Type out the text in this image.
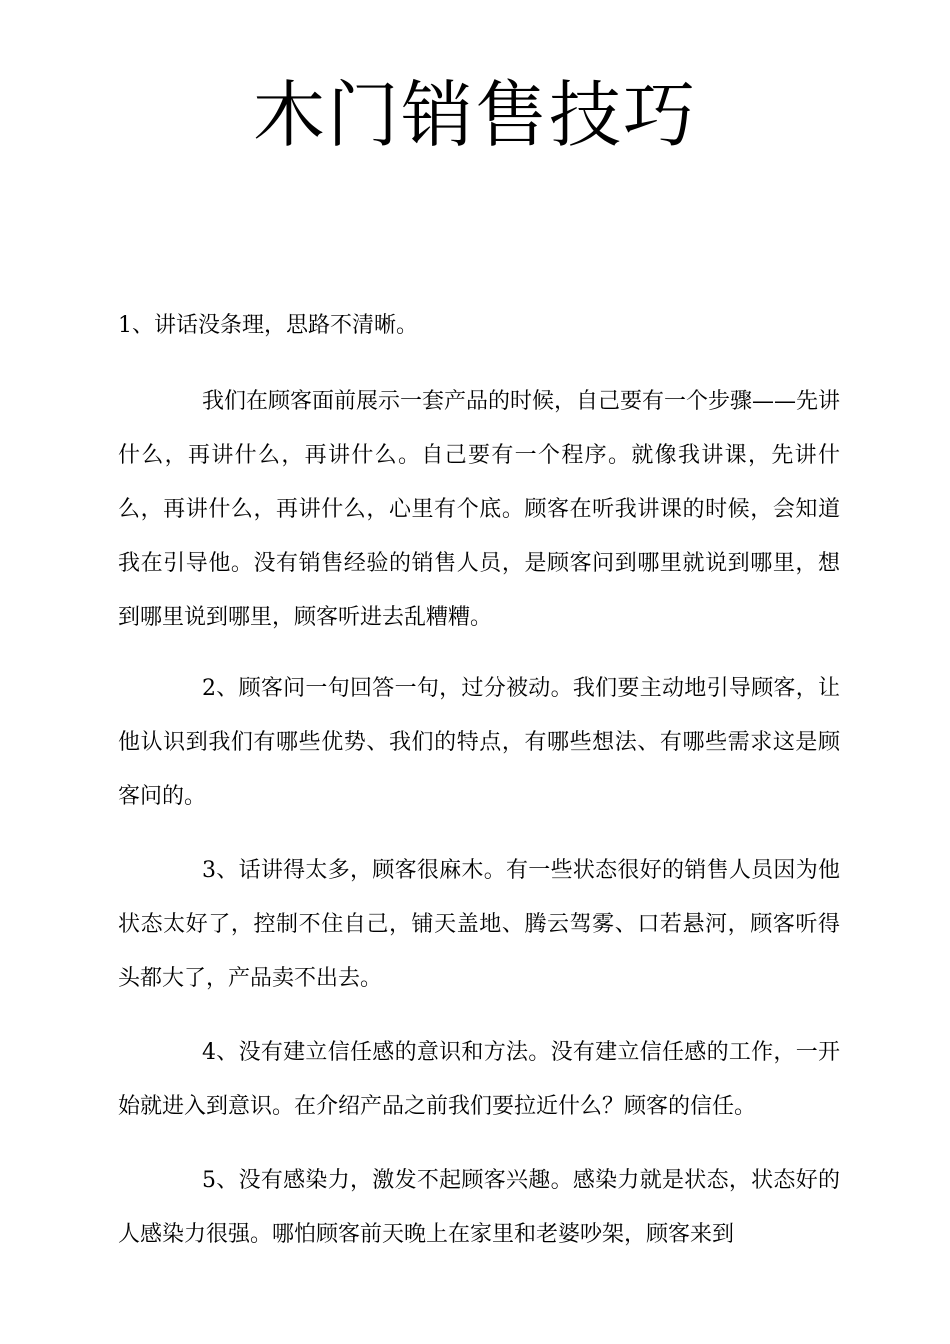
木门销售技巧
1、讲话没条理，思路不清晰。

我们在顾客面前展示一套产品的时候，自己要有一个步骤——先讲什么，再讲什么，再讲什么。自己要有一个程序。就像我讲课，先讲什么，再讲什么，再讲什么，心里有个底。顾客在听我讲课的时候，会知道我在引导他。没有销售经验的销售人员，是顾客问到哪里就说到哪里，想到哪里说到哪里，顾客听进去乱糟糟。

2、顾客问一句回答一句，过分被动。我们要主动地引导顾客，让他认识到我们有哪些优势、我们的特点，有哪些想法、有哪些需求这是顾客问的。

3、话讲得太多，顾客很麻木。有一些状态很好的销售人员因为他状态太好了，控制不住自己，铺天盖地、腾云驾雾、口若悬河，顾客听得头都大了，产品卖不出去。

4、没有建立信任感的意识和方法。没有建立信任感的工作，一开始就进入到意识。在介绍产品之前我们要拉近什么？顾客的信任。

5、没有感染力，激发不起顾客兴趣。感染力就是状态，状态好的人感染力很强。哪怕顾客前天晚上在家里和老婆吵架，顾客来到
